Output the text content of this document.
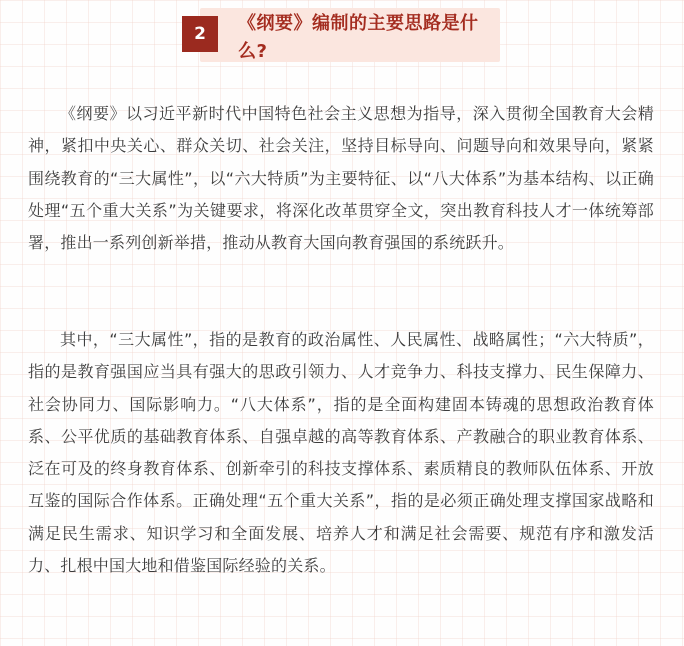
2	《纲要》编制的主要思路是什么?

《纲要》以习近平新时代中国特色社会主义思想为指导，深入贯彻全国教育大会精神，紧扣中央关心、群众关切、社会关注，坚持目标导向、问题导向和效果导向，紧紧围绕教育的“三大属性”，以“六大特质”为主要特征、以“八大体系”为基本结构、以正确处理“五个重大关系”为关键要求，将深化改革贯穿全文，突出教育科技人才一体统筹部署，推出一系列创新举措，推动从教育大国向教育强国的系统跃升。

其中，“三大属性”，指的是教育的政治属性、人民属性、战略属性；“六大特质”，指的是教育强国应当具有强大的思政引领力、人才竞争力、科技支撑力、民生保障力、社会协同力、国际影响力。“八大体系”，指的是全面构建固本铸魂的思想政治教育体系、公平优质的基础教育体系、自强卓越的高等教育体系、产教融合的职业教育体系、泛在可及的终身教育体系、创新牵引的科技支撑体系、素质精良的教师队伍体系、开放互鉴的国际合作体系。正确处理“五个重大关系”，指的是必须正确处理支撑国家战略和满足民生需求、知识学习和全面发展、培养人才和满足社会需要、规范有序和激发活力、扎根中国大地和借鉴国际经验的关系。
